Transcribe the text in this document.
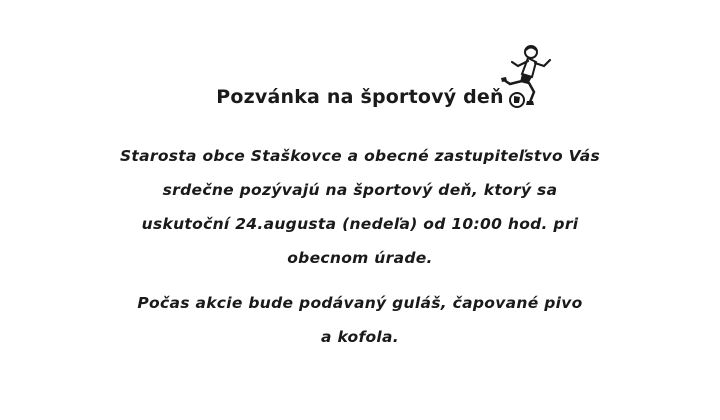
Pozvánka na športový deň
Starosta obce Staškovce a obecné zastupiteľstvo Vás
srdečne pozývajú na športový deň, ktorý sa
uskutoční 24.augusta (nedeľa) od 10:00 hod. pri
obecnom úrade.
Počas akcie bude podávaný guláš, čapované pivo
a kofola.
